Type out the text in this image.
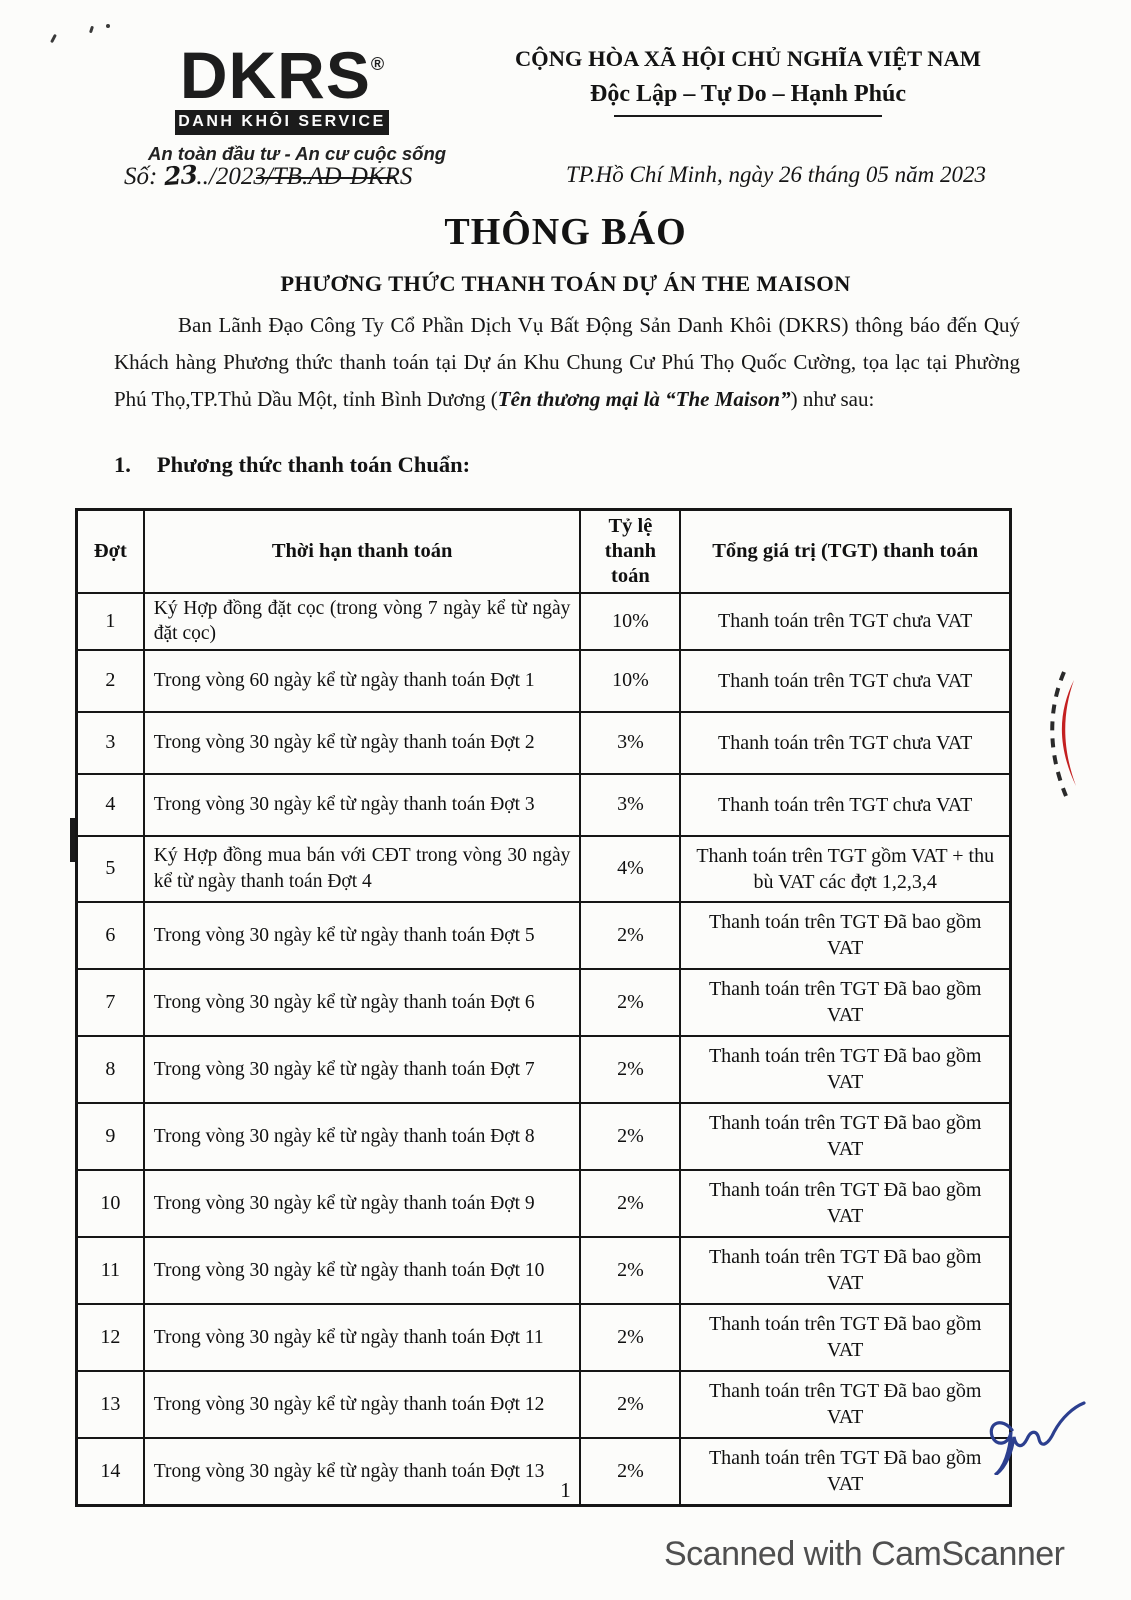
DKRS®
DANH KHÔI SERVICE
An toàn đầu tư - An cư cuộc sống
Số: 23../2023/TB.AD-DKRS
CỘNG HÒA XÃ HỘI CHỦ NGHĨA VIỆT NAM
Độc Lập – Tự Do – Hạnh Phúc
TP.Hồ Chí Minh, ngày 26 tháng 05 năm 2023
THÔNG BÁO
PHƯƠNG THỨC THANH TOÁN DỰ ÁN THE MAISON
Ban Lãnh Đạo Công Ty Cổ Phần Dịch Vụ Bất Động Sản Danh Khôi (DKRS) thông báo đến Quý Khách hàng Phương thức thanh toán tại Dự án Khu Chung Cư Phú Thọ Quốc Cường, tọa lạc tại Phường Phú Thọ,TP.Thủ Dầu Một, tỉnh Bình Dương (Tên thương mại là “The Maison”) như sau:
1. Phương thức thanh toán Chuẩn:
Đợt	Thời hạn thanh toán	Tỷ lệ thanh toán	Tổng giá trị (TGT) thanh toán
1	Ký Hợp đồng đặt cọc (trong vòng 7 ngày kể từ ngày đặt cọc)	10%	Thanh toán trên TGT chưa VAT
2	Trong vòng 60 ngày kể từ ngày thanh toán Đợt 1	10%	Thanh toán trên TGT chưa VAT
3	Trong vòng 30 ngày kể từ ngày thanh toán Đợt 2	3%	Thanh toán trên TGT chưa VAT
4	Trong vòng 30 ngày kể từ ngày thanh toán Đợt 3	3%	Thanh toán trên TGT chưa VAT
5	Ký Hợp đồng mua bán với CĐT trong vòng 30 ngày kể từ ngày thanh toán Đợt 4	4%	Thanh toán trên TGT gồm VAT + thu bù VAT các đợt 1,2,3,4
6	Trong vòng 30 ngày kể từ ngày thanh toán Đợt 5	2%	Thanh toán trên TGT Đã bao gồm VAT
7	Trong vòng 30 ngày kể từ ngày thanh toán Đợt 6	2%	Thanh toán trên TGT Đã bao gồm VAT
8	Trong vòng 30 ngày kể từ ngày thanh toán Đợt 7	2%	Thanh toán trên TGT Đã bao gồm VAT
9	Trong vòng 30 ngày kể từ ngày thanh toán Đợt 8	2%	Thanh toán trên TGT Đã bao gồm VAT
10	Trong vòng 30 ngày kể từ ngày thanh toán Đợt 9	2%	Thanh toán trên TGT Đã bao gồm VAT
11	Trong vòng 30 ngày kể từ ngày thanh toán Đợt 10	2%	Thanh toán trên TGT Đã bao gồm VAT
12	Trong vòng 30 ngày kể từ ngày thanh toán Đợt 11	2%	Thanh toán trên TGT Đã bao gồm VAT
13	Trong vòng 30 ngày kể từ ngày thanh toán Đợt 12	2%	Thanh toán trên TGT Đã bao gồm VAT
14	Trong vòng 30 ngày kể từ ngày thanh toán Đợt 13	2%	Thanh toán trên TGT Đã bao gồm VAT
1
Scanned with CamScanner
